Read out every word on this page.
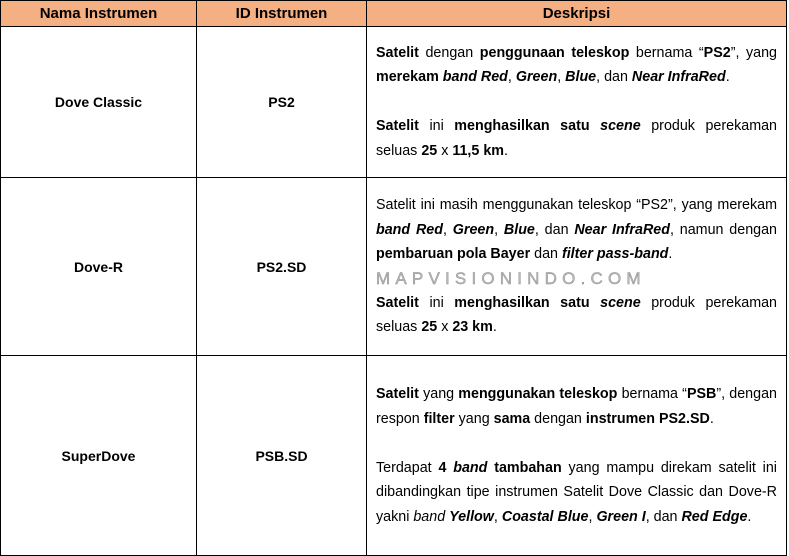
Nama Instrumen	ID Instrumen	Deskripsi
Dove Classic	PS2	Satelit dengan penggunaan teleskop bernama “PS2”, yang merekam band Red, Green, Blue, dan Near InfraRed.

Satelit ini menghasilkan satu scene produk perekaman seluas 25 x 11,5 km.

Dove-R	PS2.SD	Satelit ini masih menggunakan teleskop “PS2”, yang merekam band Red, Green, Blue, dan Near InfraRed, namun dengan pembaruan pola Bayer dan filter pass-band.

MAPVISIONINDO.COM

Satelit ini menghasilkan satu scene produk perekaman seluas 25 x 23 km.

SuperDove	PSB.SD	Satelit yang menggunakan teleskop bernama “PSB”, dengan respon filter yang sama dengan instrumen PS2.SD.

Terdapat 4 band tambahan yang mampu direkam satelit ini dibandingkan tipe instrumen Satelit Dove Classic dan Dove-R yakni band Yellow, Coastal Blue, Green I, dan Red Edge.
